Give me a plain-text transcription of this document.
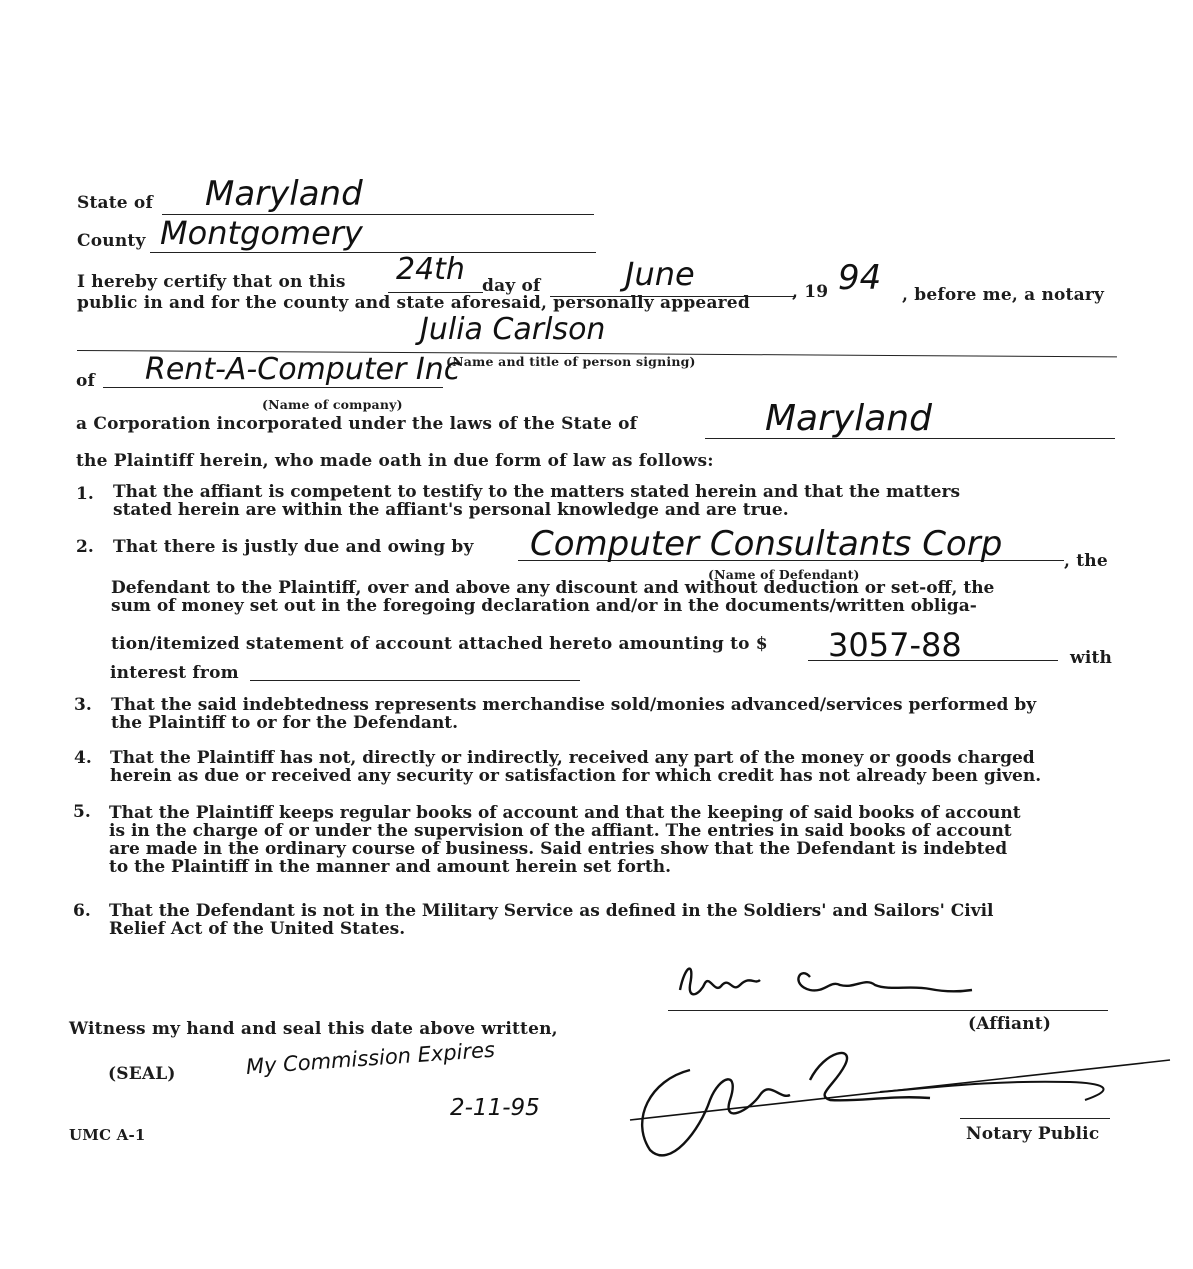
State of Maryland
County Montgomery
I hereby certify that on this 24th day of	June	, 19 94 , before me, a notary
public in and for the county and state aforesaid, personally appeared
Julia Carlson
(Name and title of person signing)
of Rent-A-Computer Inc
(Name of company)
a Corporation incorporated under the laws of the State of	Maryland
the Plaintiff herein, who made oath in due form of law as follows:
1. That the affiant is competent to testify to the matters stated herein and that the matters
stated herein are within the affiant's personal knowledge and are true.
2. That there is justly due and owing by Computer Consultants Corp	, the
(Name of Defendant)
Defendant to the Plaintiff, over and above any discount and without deduction or set-off, the
sum of money set out in the foregoing declaration and/or in the documents/written obliga-
tion/itemized statement of account attached hereto amounting to $ 3057-88	with
interest from
3. That the said indebtedness represents merchandise sold/monies advanced/services performed by
the Plaintiff to or for the Defendant.
4. That the Plaintiff has not, directly or indirectly, received any part of the money or goods charged
herein as due or received any security or satisfaction for which credit has not already been given.
5. That the Plaintiff keeps regular books of account and that the keeping of said books of account
is in the charge of or under the supervision of the affiant. The entries in said books of account
are made in the ordinary course of business. Said entries show that the Defendant is indebted
to the Plaintiff in the manner and amount herein set forth.
6. That the Defendant is not in the Military Service as defined in the Soldiers' and Sailors' Civil
Relief Act of the United States.
(Affiant)
Witness my hand and seal this date above written,
(SEAL)	My Commission Expires
2-11-95
Notary Public
UMC A-1
